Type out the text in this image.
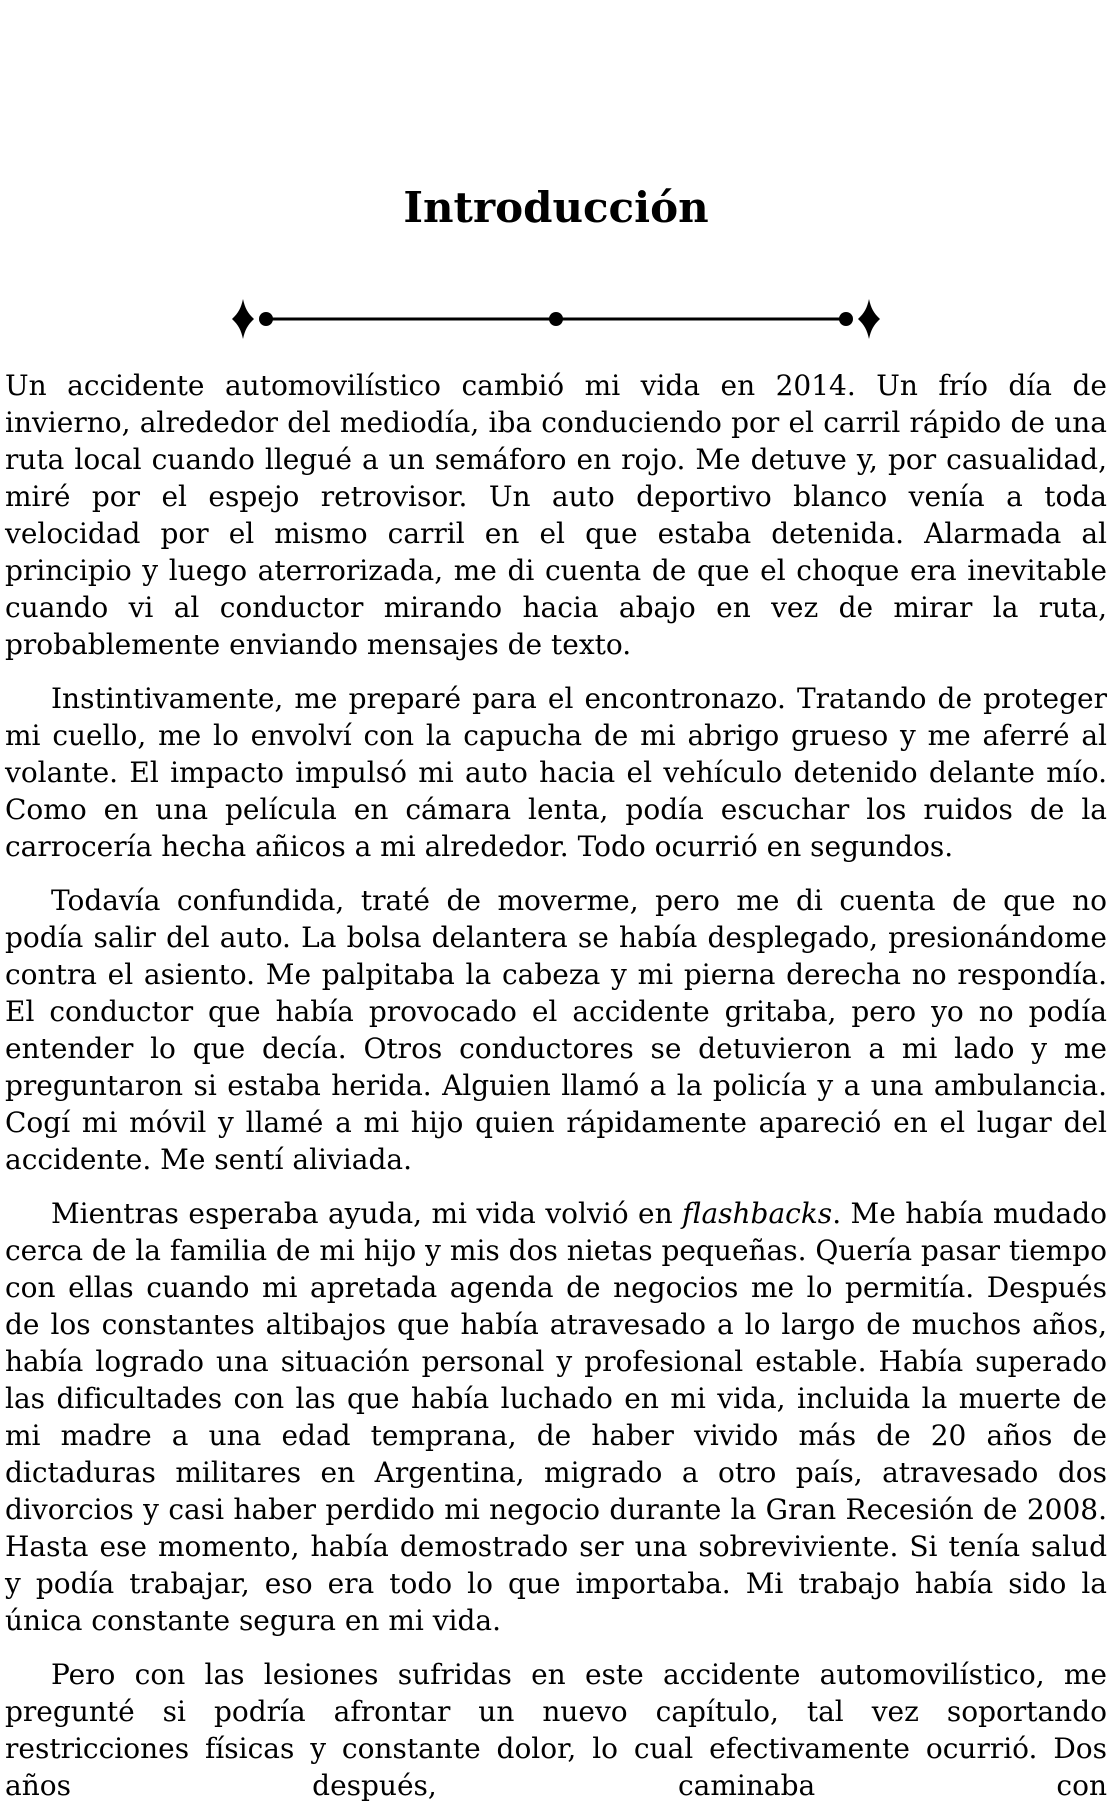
Introducción

Un accidente automovilístico cambió mi vida en 2014. Un frío día de invierno, alrededor del mediodía, iba conduciendo por el carril rápido de una ruta local cuando llegué a un semáforo en rojo. Me detuve y, por casualidad, miré por el espejo retrovisor. Un auto deportivo blanco venía a toda velocidad por el mismo carril en el que estaba detenida. Alarmada al principio y luego aterrorizada, me di cuenta de que el choque era inevitable cuando vi al conductor mirando hacia abajo en vez de mirar la ruta, probablemente enviando mensajes de texto.

Instintivamente, me preparé para el encontronazo. Tratando de proteger mi cuello, me lo envolví con la capucha de mi abrigo grueso y me aferré al volante. El impacto impulsó mi auto hacia el vehículo detenido delante mío. Como en una película en cámara lenta, podía escuchar los ruidos de la carrocería hecha añicos a mi alrededor. Todo ocurrió en segundos.

Todavía confundida, traté de moverme, pero me di cuenta de que no podía salir del auto. La bolsa delantera se había desplegado, presionándome contra el asiento. Me palpitaba la cabeza y mi pierna derecha no respondía. El conductor que había provocado el accidente gritaba, pero yo no podía entender lo que decía. Otros conductores se detuvieron a mi lado y me preguntaron si estaba herida. Alguien llamó a la policía y a una ambulancia. Cogí mi móvil y llamé a mi hijo quien rápidamente apareció en el lugar del accidente. Me sentí aliviada.

Mientras esperaba ayuda, mi vida volvió en flashbacks. Me había mudado cerca de la familia de mi hijo y mis dos nietas pequeñas. Quería pasar tiempo con ellas cuando mi apretada agenda de negocios me lo permitía. Después de los constantes altibajos que había atravesado a lo largo de muchos años, había logrado una situación personal y profesional estable. Había superado las dificultades con las que había luchado en mi vida, incluida la muerte de mi madre a una edad temprana, de haber vivido más de 20 años de dictaduras militares en Argentina, migrado a otro país, atravesado dos divorcios y casi haber perdido mi negocio durante la Gran Recesión de 2008. Hasta ese momento, había demostrado ser una sobreviviente. Si tenía salud y podía trabajar, eso era todo lo que importaba. Mi trabajo había sido la única constante segura en mi vida.

Pero con las lesiones sufridas en este accidente automovilístico, me pregunté si podría afrontar un nuevo capítulo, tal vez soportando restricciones físicas y constante dolor, lo cual efectivamente ocurrió. Dos años después, caminaba con
